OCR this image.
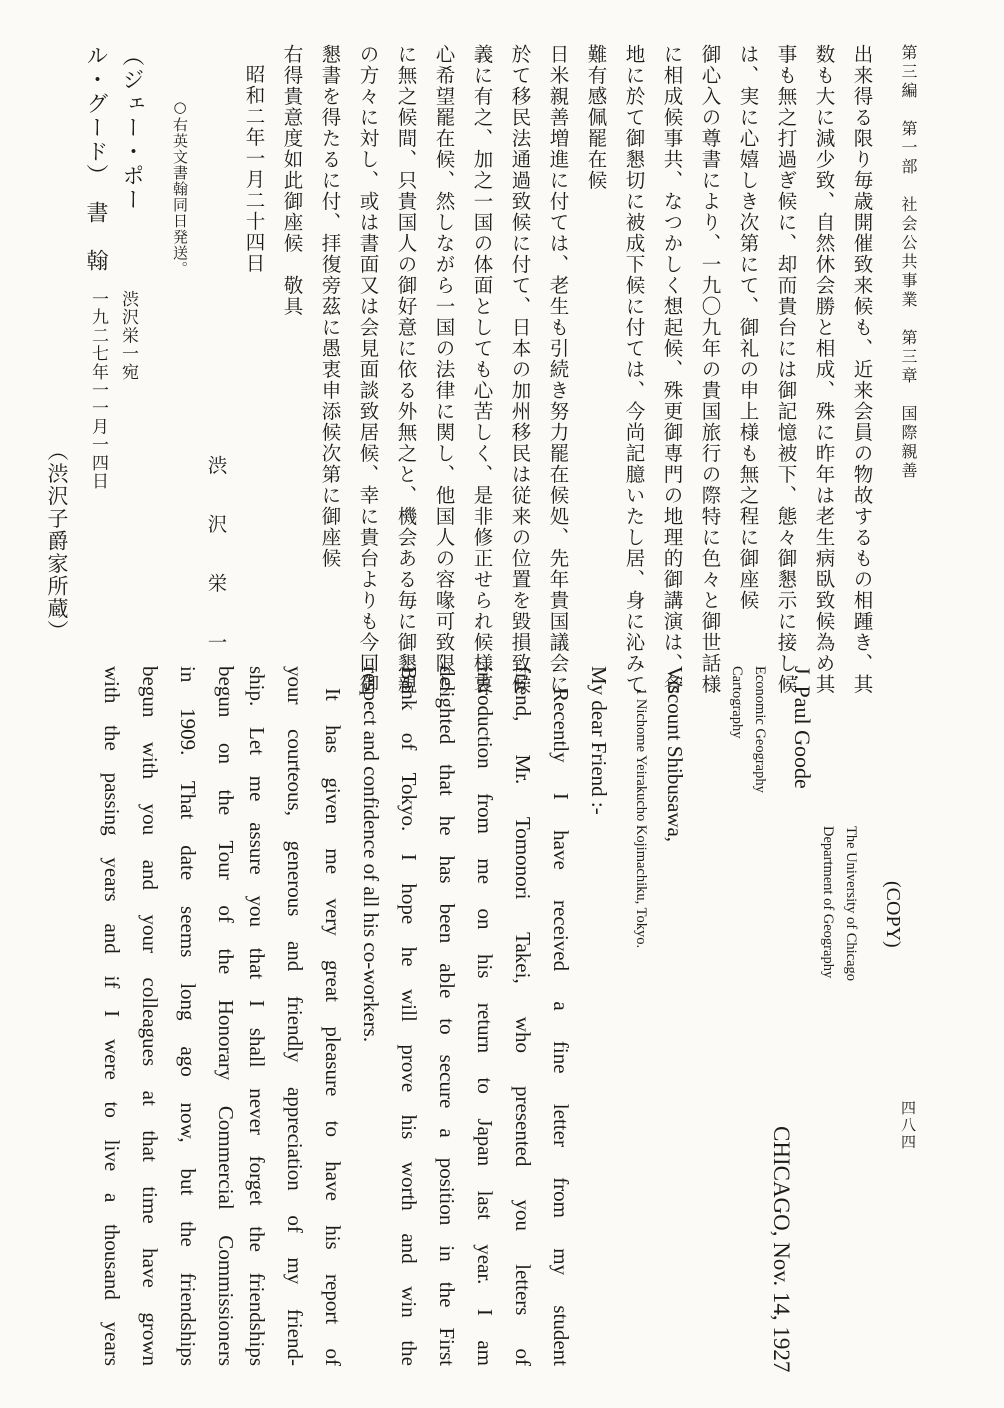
第三編　第一部　社会公共事業　第三章　国際親善
四八四
出来得る限り毎歳開催致来候も、近来会員の物故するもの相踵き、其
数も大に減少致、自然休会勝と相成、殊に昨年は老生病臥致候為め其
事も無之打過ぎ候に、却而貴台には御記憶被下、態々御懇示に接し候
は、実に心嬉しき次第にて、御礼の申上様も無之程に御座候
御心入の尊書により、一九〇九年の貴国旅行の際特に色々と御世話様
に相成候事共、なつかしく想起候、殊更御専門の地理的御講演は、各
地に於て御懇切に被成下候に付ては、今尚記臆いたし居、身に沁みて
難有感佩罷在候
日米親善増進に付ては、老生も引続き努力罷在候処、先年貴国議会に
於て移民法通過致候に付て、日本の加州移民は従来の位置を毀損致候
義に有之、加之一国の体面としても心苦しく、是非修正せられ候様衷
心希望罷在候、然しながら一国の法律に関し、他国人の容喙可致限り
に無之候間、只貴国人の御好意に依る外無之と、機会ある毎に御懇親
の方々に対し、或は書面又は会見面談致居候、幸に貴台よりも今回御
懇書を得たるに付、拝復旁茲に愚衷申添候次第に御座候
右得貴意度如此御座候　敬具
昭和二年一月二十四日
渋　沢　栄　一
○右英文書翰同日発送。
（ジェー・ポー
ル・グード）　書　翰
渋沢栄一宛
一九二七年一一月一四日
（渋沢子爵家所蔵）
(COPY)
The University of Chicago
Department of Geography
J. Paul Goode
Economic Geography
Cartography
CHICAGO, Nov. 14, 1927
Viscount Shibusawa,
1 Nichome Yeirakucho Kojimachiku, Tokyo.
My dear Friend :-
Recently I have received a fine letter from my student
friend, Mr. Tomonori Takei, who presented you letters of
introduction from me on his return to Japan last year. I am
delighted that he has been able to secure a position in the First
Bank of Tokyo. I hope he will prove his worth and win the
respect and confidence of all his co-workers.
It has given me very great pleasure to have his report of
your courteous, generous and friendly appreciation of my friend-
ship. Let me assure you that I shall never forget the friendships
begun on the Tour of the Honorary Commercial Commissioners
in 1909. That date seems long ago now, but the friendships
begun with you and your colleagues at that time have grown
with the passing years and if I were to live a thousand years
